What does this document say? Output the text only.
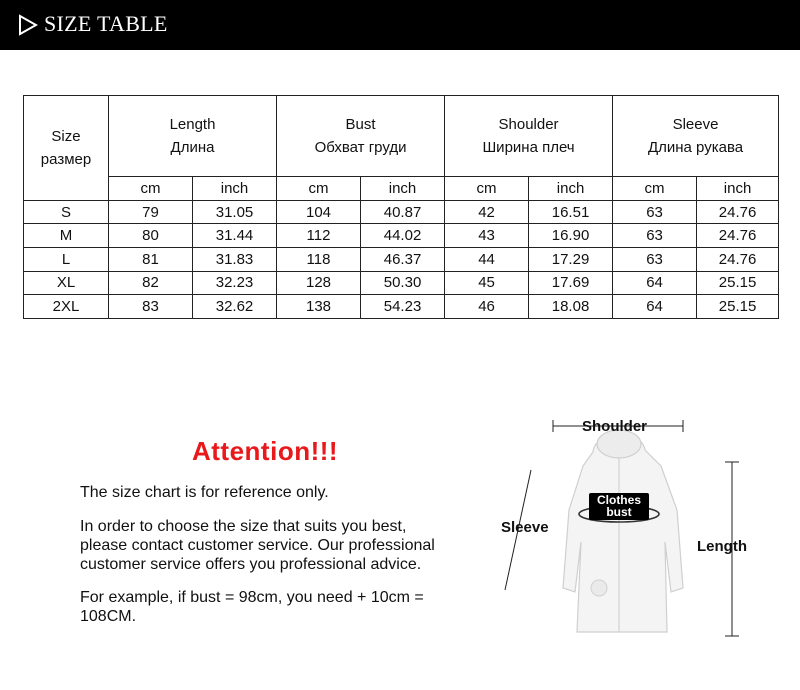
SIZE TABLE
Size
размер	Length
Длина		Bust
Обхват груди		Shoulder
Ширина плеч		Sleeve
Длина рукава	
	cm	inch	cm	inch	cm	inch	cm	inch
S	79	31.05	104	40.87	42	16.51	63	24.76
M	80	31.44	112	44.02	43	16.90	63	24.76
L	81	31.83	118	46.37	44	17.29	63	24.76
XL	82	32.23	128	50.30	45	17.69	64	25.15
2XL	83	32.62	138	54.23	46	18.08	64	25.15
Attention!!!
The size chart is for reference only.
In order to choose the size that suits you best,
please contact customer service. Our professional
customer service offers you professional advice.
For example, if bust = 98cm, you need + 10cm =
108CM.
Shoulder
Sleeve
Length
Clothes
bust
